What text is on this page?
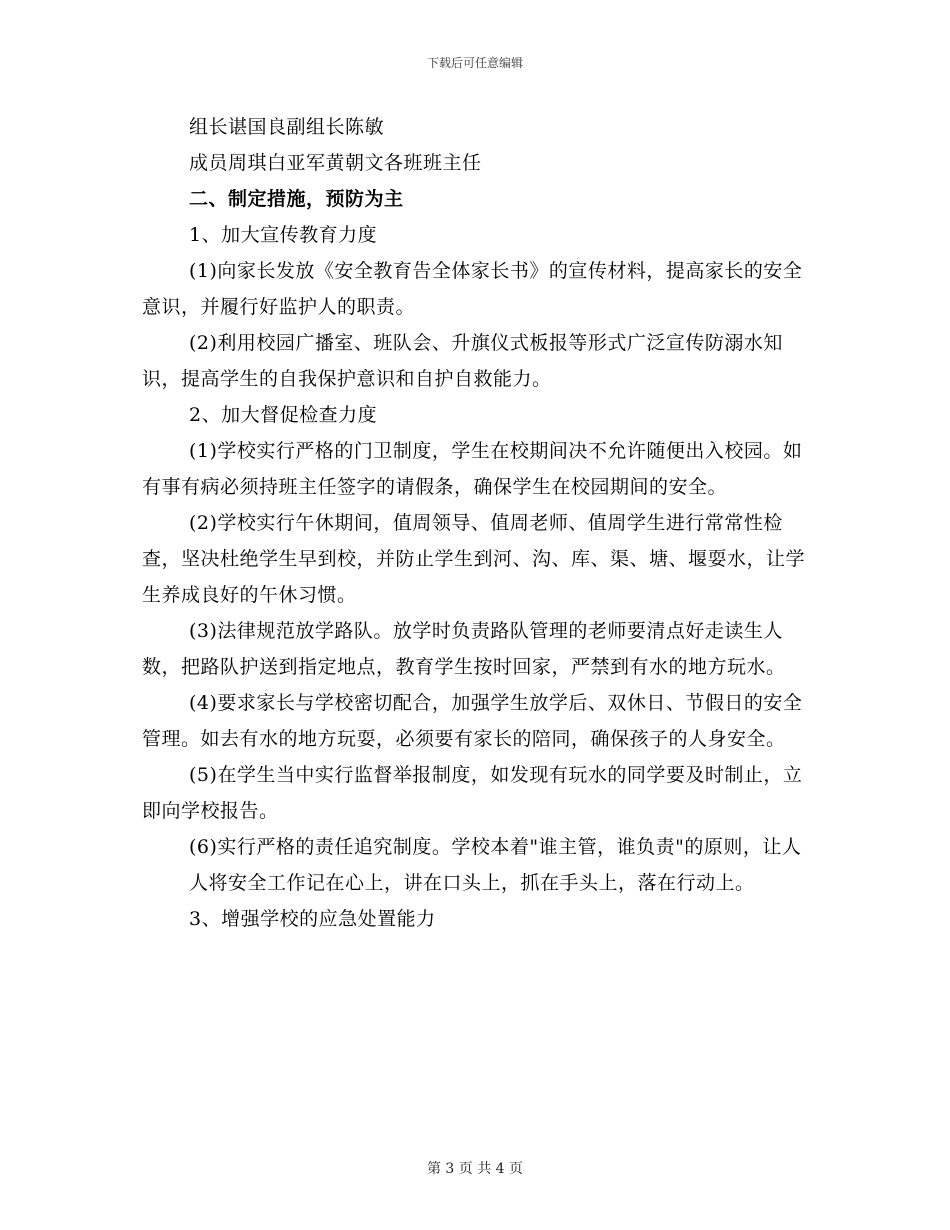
下载后可任意编辑

组长谌国良副组长陈敏

成员周琪白亚军黄朝文各班班主任

二、制定措施，预防为主

1、加大宣传教育力度

(1)向家长发放《安全教育告全体家长书》的宣传材料，提高家长的安全意识，并履行好监护人的职责。

(2)利用校园广播室、班队会、升旗仪式板报等形式广泛宣传防溺水知识，提高学生的自我保护意识和自护自救能力。

2、加大督促检查力度

(1)学校实行严格的门卫制度，学生在校期间决不允许随便出入校园。如有事有病必须持班主任签字的请假条，确保学生在校园期间的安全。

(2)学校实行午休期间，值周领导、值周老师、值周学生进行常常性检查，坚决杜绝学生早到校，并防止学生到河、沟、库、渠、塘、堰耍水，让学生养成良好的午休习惯。

(3)法律规范放学路队。放学时负责路队管理的老师要清点好走读生人数，把路队护送到指定地点，教育学生按时回家，严禁到有水的地方玩水。

(4)要求家长与学校密切配合，加强学生放学后、双休日、节假日的安全管理。如去有水的地方玩耍，必须要有家长的陪同，确保孩子的人身安全。

(5)在学生当中实行监督举报制度，如发现有玩水的同学要及时制止，立即向学校报告。

(6)实行严格的责任追究制度。学校本着"谁主管，谁负责"的原则，让人

人将安全工作记在心上，讲在口头上，抓在手头上，落在行动上。

3、增强学校的应急处置能力

第 3 页 共 4 页
